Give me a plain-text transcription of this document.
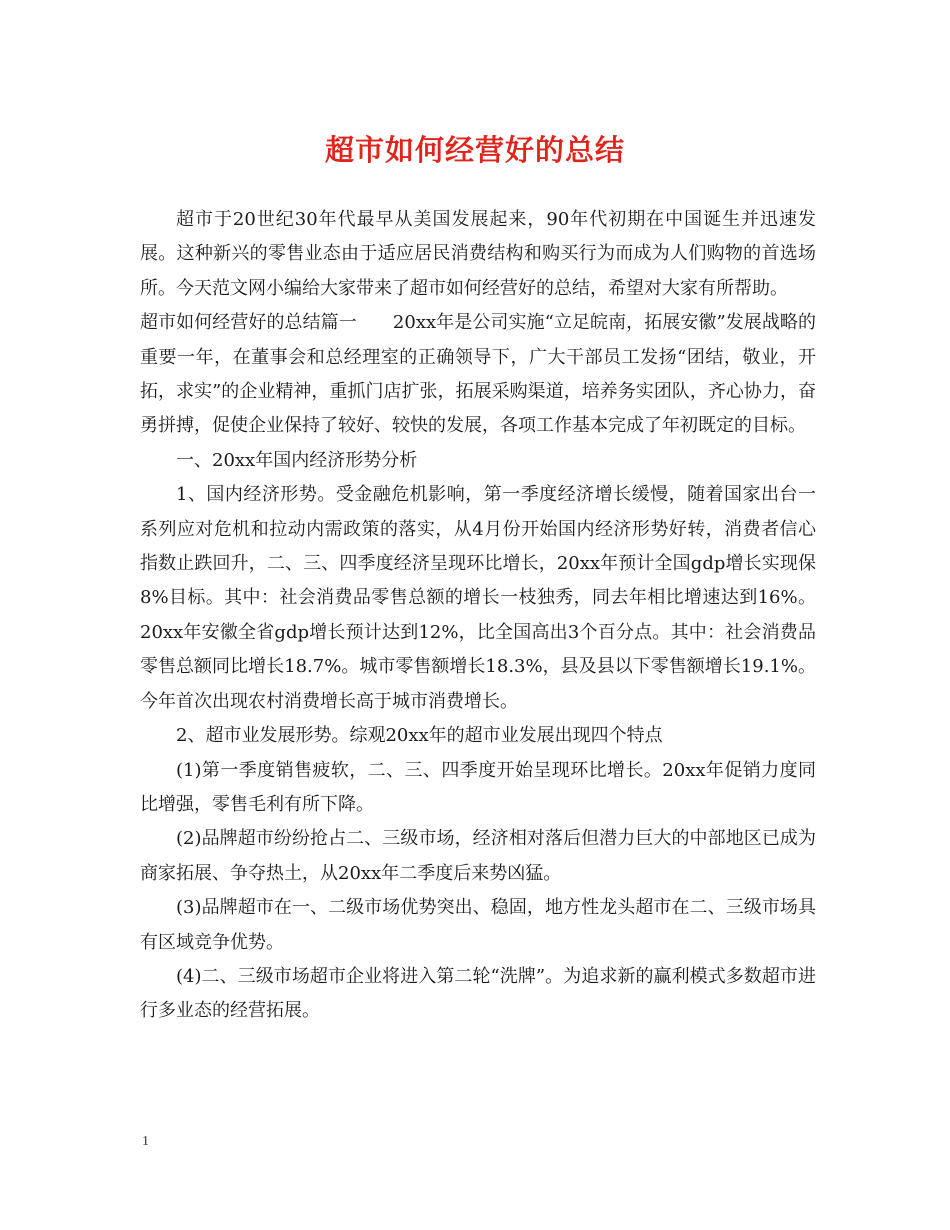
超市如何经营好的总结

超市于20世纪30年代最早从美国发展起来，90年代初期在中国诞生并迅速发展。这种新兴的零售业态由于适应居民消费结构和购买行为而成为人们购物的首选场所。今天范文网小编给大家带来了超市如何经营好的总结，希望对大家有所帮助。

超市如何经营好的总结篇一　　20xx年是公司实施“立足皖南，拓展安徽”发展战略的重要一年，在董事会和总经理室的正确领导下，广大干部员工发扬“团结，敬业，开拓，求实”的企业精神，重抓门店扩张，拓展采购渠道，培养务实团队，齐心协力，奋勇拼搏，促使企业保持了较好、较快的发展，各项工作基本完成了年初既定的目标。

一、20xx年国内经济形势分析

1、国内经济形势。受金融危机影响，第一季度经济增长缓慢，随着国家出台一系列应对危机和拉动内需政策的落实，从4月份开始国内经济形势好转，消费者信心指数止跌回升，二、三、四季度经济呈现环比增长，20xx年预计全国gdp增长实现保8%目标。其中：社会消费品零售总额的增长一枝独秀，同去年相比增速达到16%。20xx年安徽全省gdp增长预计达到12%，比全国高出3个百分点。其中：社会消费品零售总额同比增长18.7%。城市零售额增长18.3%，县及县以下零售额增长19.1%。今年首次出现农村消费增长高于城市消费增长。

2、超市业发展形势。综观20xx年的超市业发展出现四个特点

(1)第一季度销售疲软，二、三、四季度开始呈现环比增长。20xx年促销力度同比增强，零售毛利有所下降。

(2)品牌超市纷纷抢占二、三级市场，经济相对落后但潜力巨大的中部地区已成为商家拓展、争夺热土，从20xx年二季度后来势凶猛。

(3)品牌超市在一、二级市场优势突出、稳固，地方性龙头超市在二、三级市场具有区域竞争优势。

(4)二、三级市场超市企业将进入第二轮“洗牌”。为追求新的赢利模式多数超市进行多业态的经营拓展。

1
